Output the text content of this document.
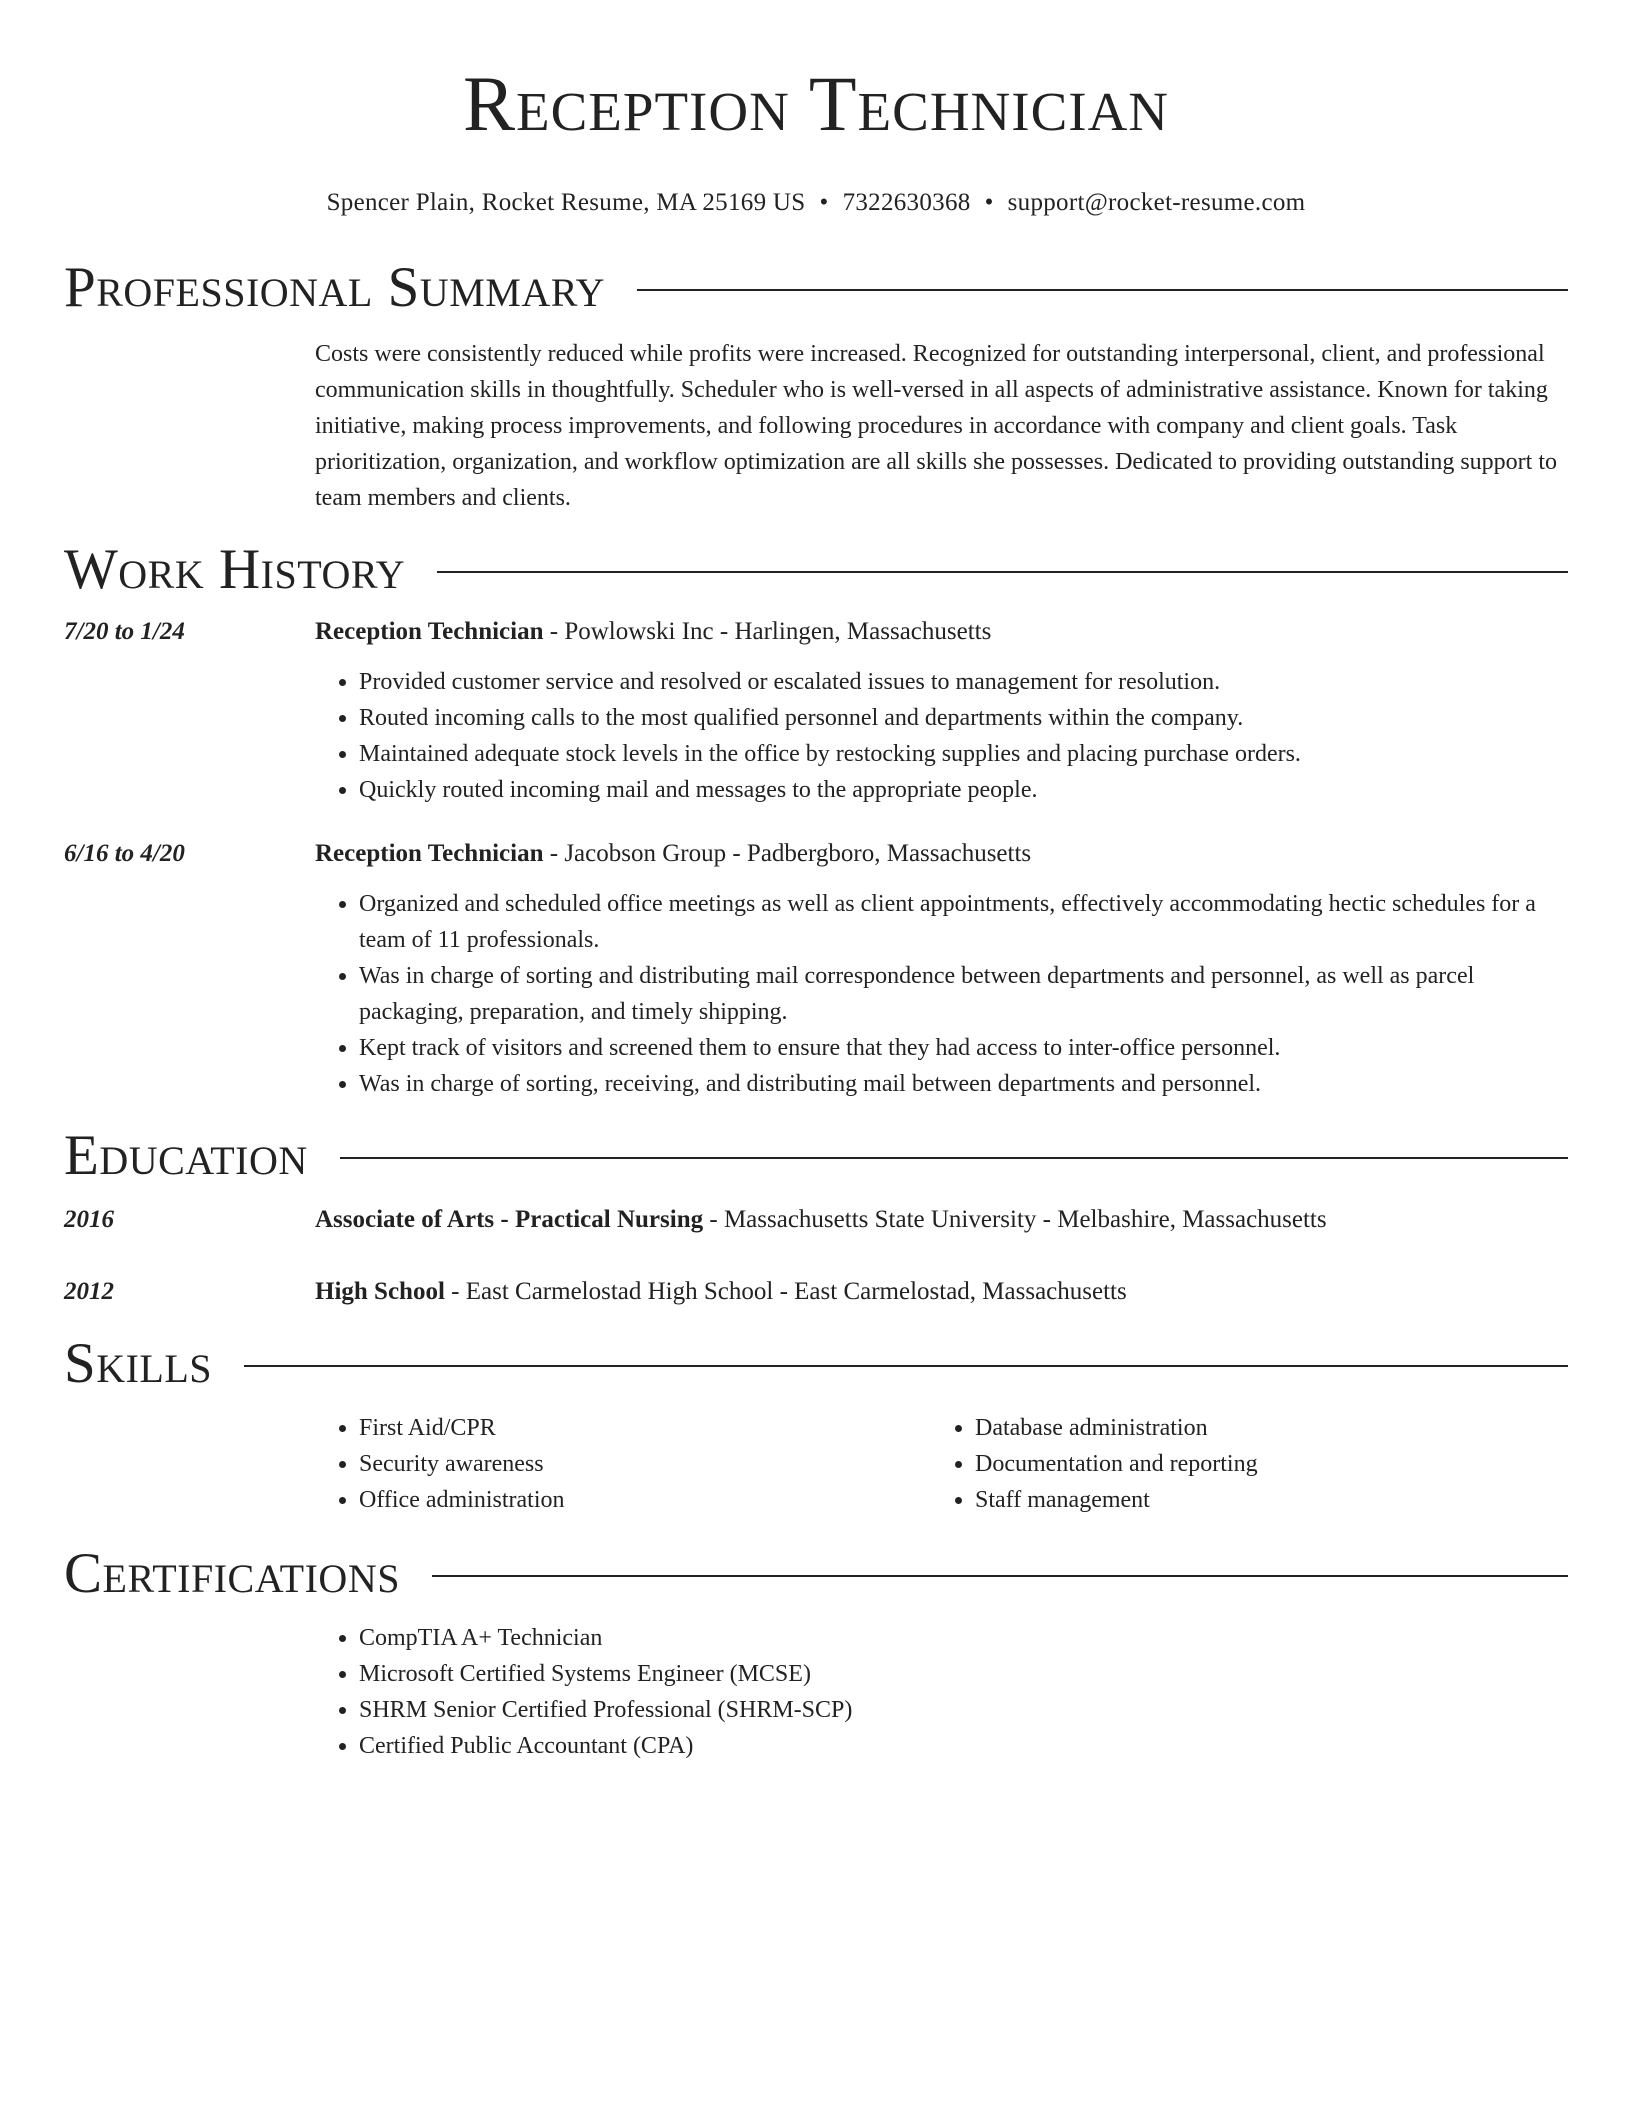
Reception Technician
Spencer Plain, Rocket Resume, MA 25169 US • 7322630368 • support@rocket-resume.com
Professional Summary

Costs were consistently reduced while profits were increased. Recognized for outstanding interpersonal, client, and professional communication skills in thoughtfully. Scheduler who is well-versed in all aspects of administrative assistance. Known for taking initiative, making process improvements, and following procedures in accordance with company and client goals. Task prioritization, organization, and workflow optimization are all skills she possesses. Dedicated to providing outstanding support to team members and clients.

Work History
7/20 to 1/24	Reception Technician - Powlowski Inc - Harlingen, Massachusetts
• Provided customer service and resolved or escalated issues to management for resolution.
• Routed incoming calls to the most qualified personnel and departments within the company.
• Maintained adequate stock levels in the office by restocking supplies and placing purchase orders.
• Quickly routed incoming mail and messages to the appropriate people.
6/16 to 4/20	Reception Technician - Jacobson Group - Padbergboro, Massachusetts
• Organized and scheduled office meetings as well as client appointments, effectively accommodating hectic schedules for a team of 11 professionals.
• Was in charge of sorting and distributing mail correspondence between departments and personnel, as well as parcel packaging, preparation, and timely shipping.
• Kept track of visitors and screened them to ensure that they had access to inter-office personnel.
• Was in charge of sorting, receiving, and distributing mail between departments and personnel.
Education
2016	Associate of Arts - Practical Nursing - Massachusetts State University - Melbashire, Massachusetts
2012	High School - East Carmelostad High School - East Carmelostad, Massachusetts
Skills
• First Aid/CPR
• Security awareness
• Office administration
• Database administration
• Documentation and reporting
• Staff management
Certifications
• CompTIA A+ Technician
• Microsoft Certified Systems Engineer (MCSE)
• SHRM Senior Certified Professional (SHRM-SCP)
• Certified Public Accountant (CPA)
